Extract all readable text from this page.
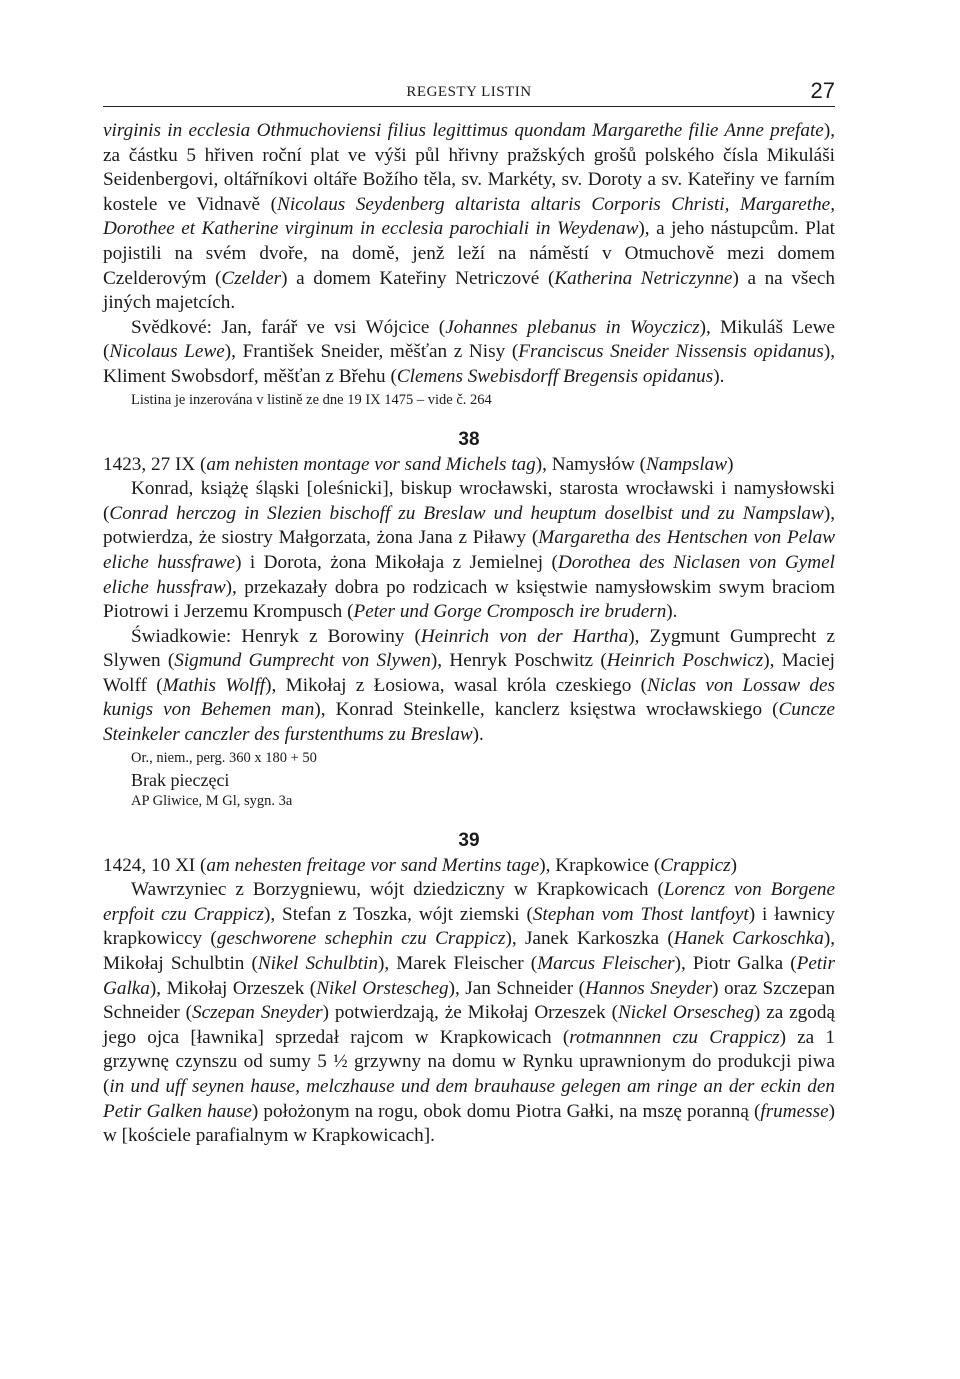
REGESTY LISTIN	27

virginis in ecclesia Othmuchoviensi filius legittimus quondam Margarethe filie Anne prefate), za částku 5 hřiven roční plat ve výši půl hřivny pražských grošů polského čísla Mikuláši Seidenbergovi, oltářníkovi oltáře Božího těla, sv. Markéty, sv. Doroty a sv. Kateřiny ve farním kostele ve Vidnavě (Nicolaus Seydenberg altarista altaris Corporis Christi, Margarethe, Dorothee et Katherine virginum in ecclesia parochiali in Weydenaw), a jeho nástupcům. Plat pojistili na svém dvoře, na domě, jenž leží na náměstí v Otmuchově mezi domem Czelderovým (Czelder) a domem Kateřiny Netriczové (Katherina Netriczynne) a na všech jiných majetcích.

Svědkové: Jan, farář ve vsi Wójcice (Johannes plebanus in Woyczicz), Mikuláš Lewe (Nicolaus Lewe), František Sneider, měšťan z Nisy (Franciscus Sneider Nissensis opidanus), Kliment Swobsdorf, měšťan z Břehu (Clemens Swebisdorff Bregensis opidanus).

Listina je inzerována v listině ze dne 19 IX 1475 – vide č. 264
38

1423, 27 IX (am nehisten montage vor sand Michels tag), Namysłów (Nampslaw)

Konrad, książę śląski [oleśnicki], biskup wrocławski, starosta wrocławski i namysłowski (Conrad herczog in Slezien bischoff zu Breslaw und heuptum doselbist und zu Nampslaw), potwierdza, że siostry Małgorzata, żona Jana z Piławy (Margaretha des Hentschen von Pelaw eliche hussfrawe) i Dorota, żona Mikołaja z Jemielnej (Dorothea des Niclasen von Gymel eliche hussfraw), przekazały dobra po rodzicach w księstwie namysłowskim swym braciom Piotrowi i Jerzemu Krompusch (Peter und Gorge Cromposch ire brudern).

Świadkowie: Henryk z Borowiny (Heinrich von der Hartha), Zygmunt Gumprecht z Slywen (Sigmund Gumprecht von Slywen), Henryk Poschwitz (Heinrich Poschwicz), Maciej Wolff (Mathis Wolff), Mikołaj z Łosiowa, wasal króla czeskiego (Niclas von Lossaw des kunigs von Behemen man), Konrad Steinkelle, kanclerz księstwa wrocławskiego (Cuncze Steinkeler canczler des furstenthums zu Breslaw).

Or., niem., perg. 360 x 180 + 50
Brak pieczęci
AP Gliwice, M Gl, sygn. 3a
39

1424, 10 XI (am nehesten freitage vor sand Mertins tage), Krapkowice (Crappicz)

Wawrzyniec z Borzygniewu, wójt dziedziczny w Krapkowicach (Lorencz von Borgene erpfoit czu Crappicz), Stefan z Toszka, wójt ziemski (Stephan vom Thost lantfoyt) i ławnicy krapkowiccy (geschworene schephin czu Crappicz), Janek Karkoszka (Hanek Carkoschka), Mikołaj Schulbtin (Nikel Schulbtin), Marek Fleischer (Marcus Fleischer), Piotr Galka (Petir Galka), Mikołaj Orzeszek (Nikel Orstescheg), Jan Schneider (Hannos Sneyder) oraz Szczepan Schneider (Sczepan Sneyder) potwierdzają, że Mikołaj Orzeszek (Nickel Orsescheg) za zgodą jego ojca [ławnika] sprzedał rajcom w Krapkowicach (rotmannnen czu Crappicz) za 1 grzywnę czynszu od sumy 5 ½ grzywny na domu w Rynku uprawnionym do produkcji piwa (in und uff seynen hause, melczhause und dem brauhause gelegen am ringe an der eckin den Petir Galken hause) położonym na rogu, obok domu Piotra Gałki, na mszę poranną (frumesse) w [kościele parafialnym w Krapkowicach].
